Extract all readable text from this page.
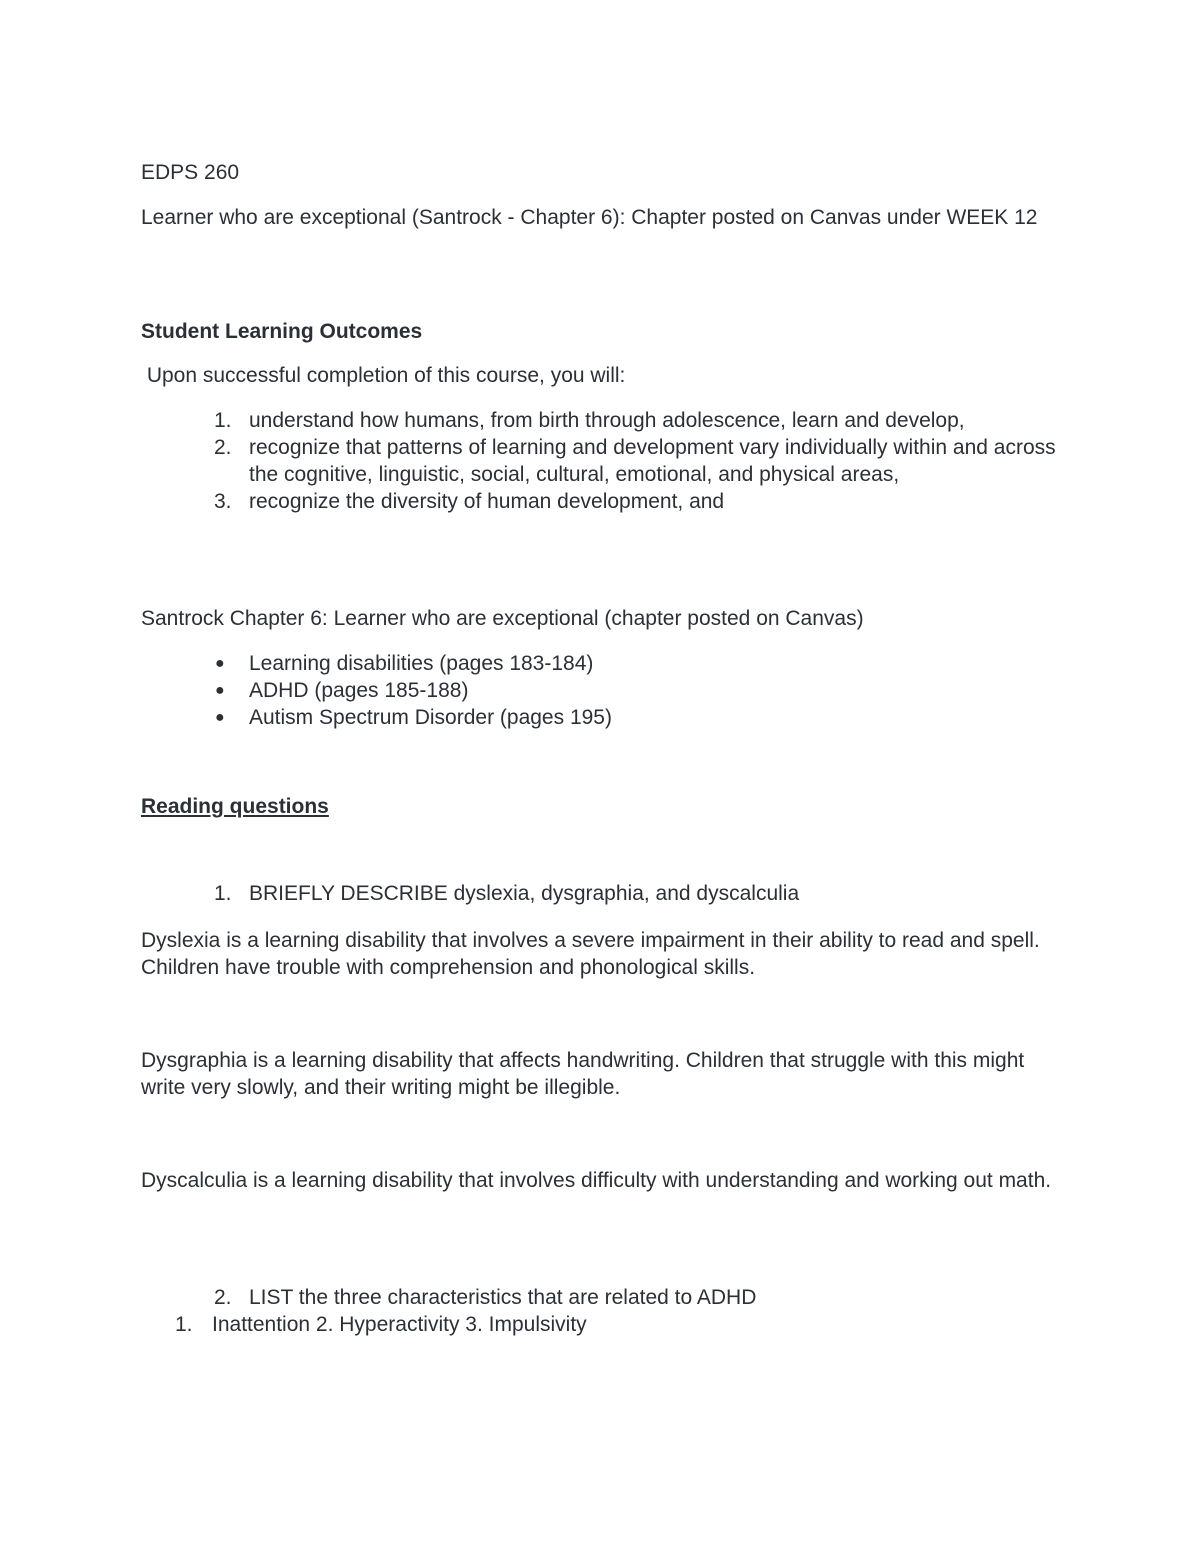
EDPS 260
Learner who are exceptional (Santrock - Chapter 6): Chapter posted on Canvas under WEEK 12
Student Learning Outcomes
Upon successful completion of this course, you will:
1. understand how humans, from birth through adolescence, learn and develop,
2. recognize that patterns of learning and development vary individually within and across the cognitive, linguistic, social, cultural, emotional, and physical areas,
3. recognize the diversity of human development, and
Santrock Chapter 6: Learner who are exceptional (chapter posted on Canvas)
● Learning disabilities (pages 183-184)
● ADHD (pages 185-188)
● Autism Spectrum Disorder (pages 195)
Reading questions
1. BRIEFLY DESCRIBE dyslexia, dysgraphia, and dyscalculia
Dyslexia is a learning disability that involves a severe impairment in their ability to read and spell. Children have trouble with comprehension and phonological skills.
Dysgraphia is a learning disability that affects handwriting. Children that struggle with this might write very slowly, and their writing might be illegible.
Dyscalculia is a learning disability that involves difficulty with understanding and working out math.
2. LIST the three characteristics that are related to ADHD
1. Inattention 2. Hyperactivity 3. Impulsivity
